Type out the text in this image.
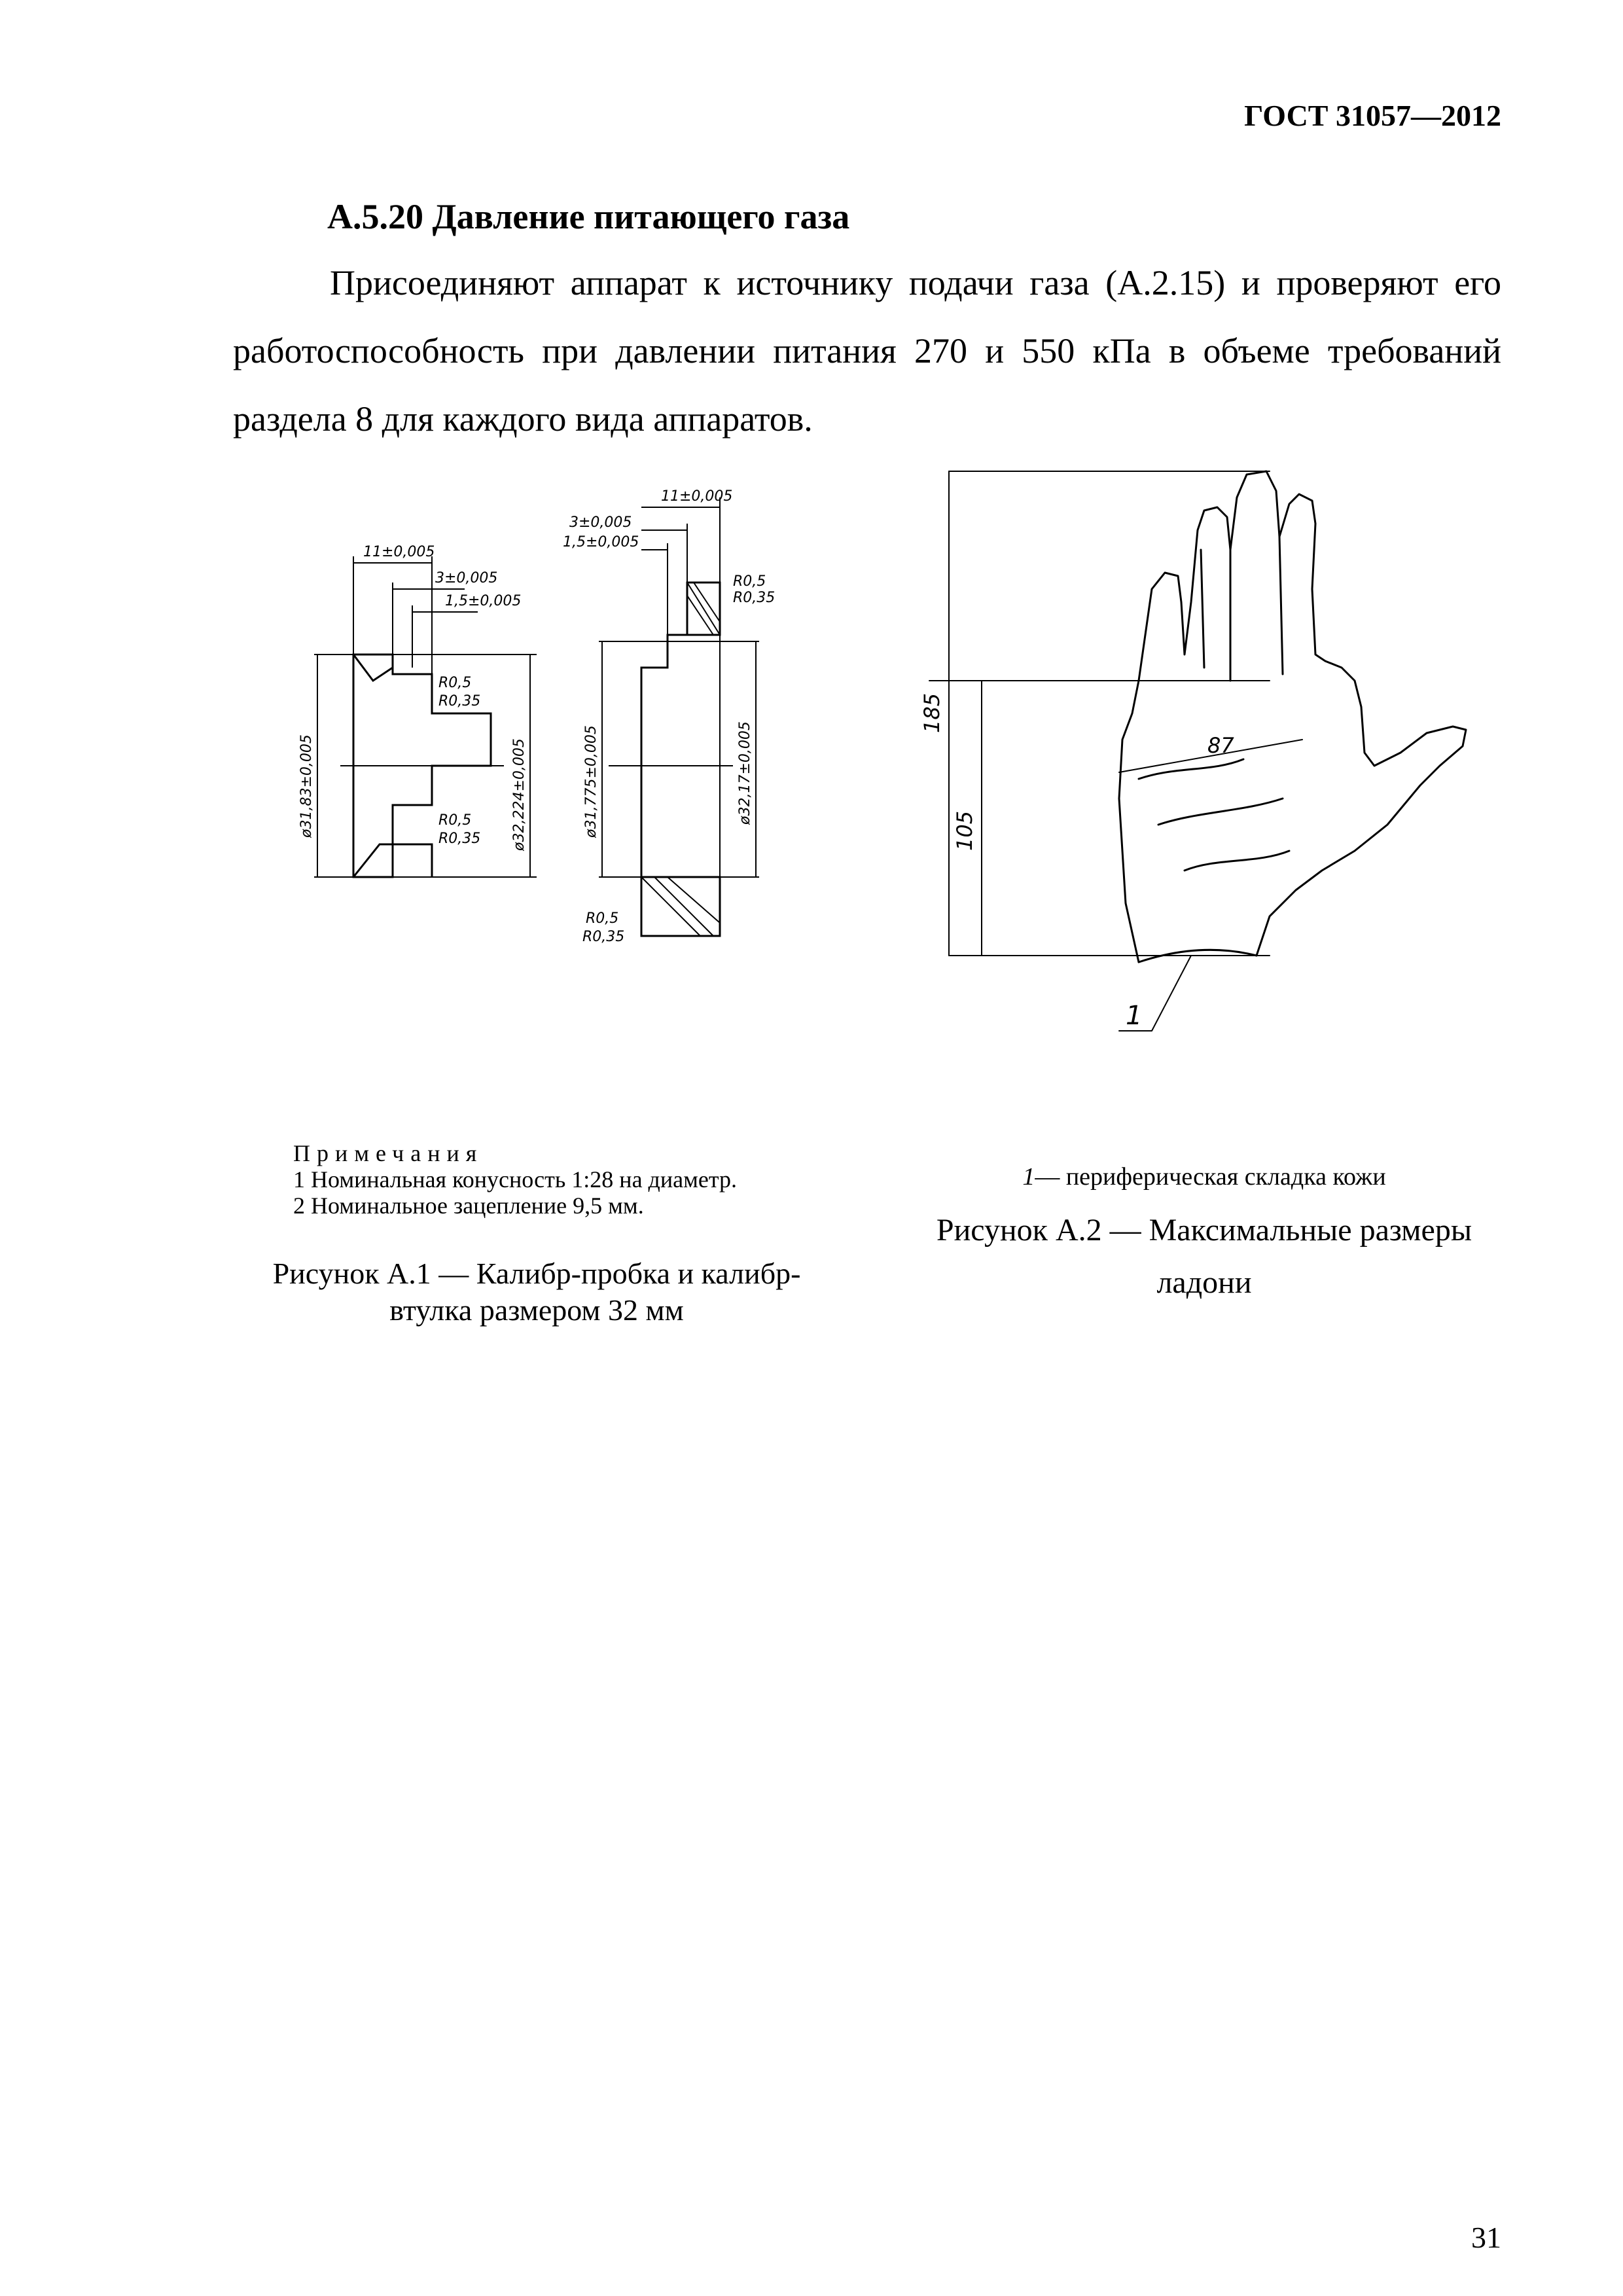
ГОСТ 31057—2012
А.5.20 Давление питающего газа
Присоединяют аппарат к источнику подачи газа (А.2.15) и проверяют его работоспособность при давлении питания 270 и 550 кПа в объеме требований раздела 8 для каждого вида аппаратов.
11±0,005
3±0,005
1,5±0,005
R0,5
R0,35
R0,5
R0,35
ø31,83±0,005	ø32,224±0,005
11±0,005
3±0,005
1,5±0,005
R0,5
R0,35
R0,5
R0,35
ø31,775±0,005	ø32,17±0,005
185
105
87
1
Примечания
1 Номинальная конусность 1:28 на диаметр.
2 Номинальное зацепление 9,5 мм.
Рисунок А.1 — Калибр-пробка и калибр-
втулка размером 32 мм
1— периферическая складка кожи
Рисунок А.2 — Максимальные размеры
ладони
31
